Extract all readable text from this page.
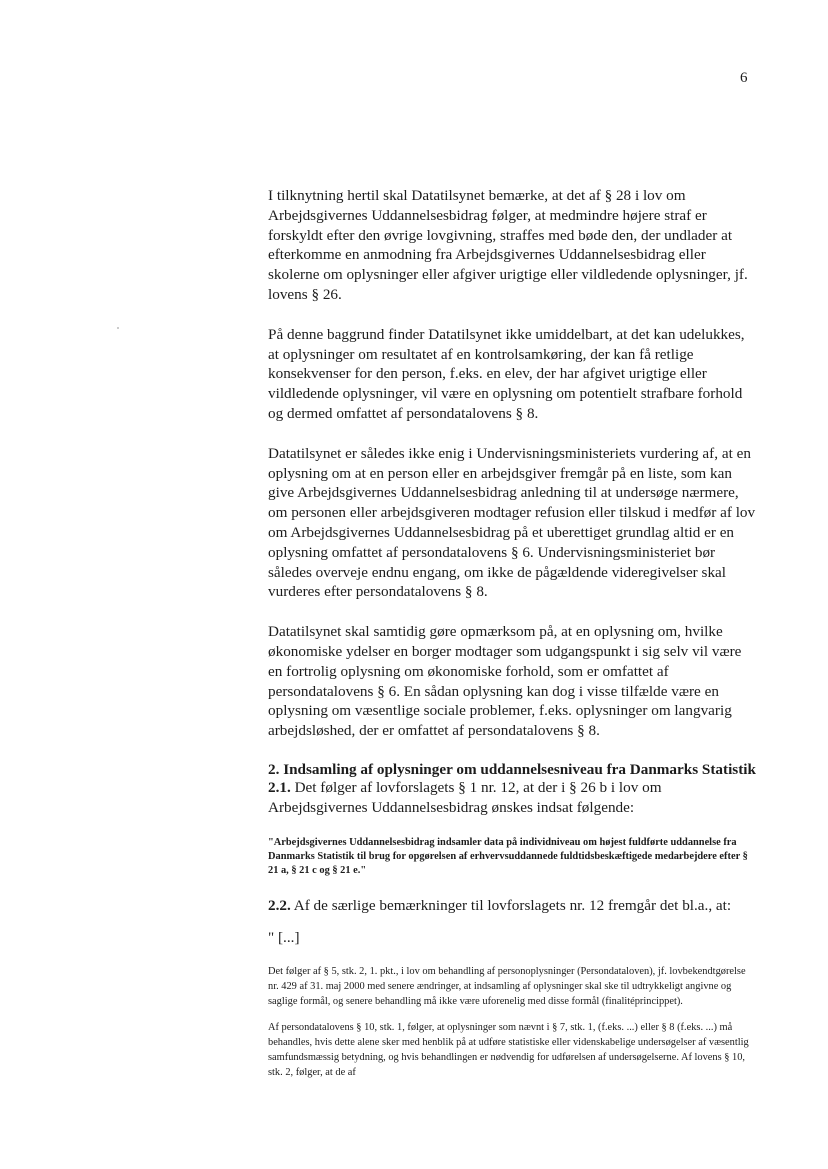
6

I tilknytning hertil skal Datatilsynet bemærke, at det af § 28 i lov om Arbejdsgivernes Uddannelsesbidrag følger, at medmindre højere straf er forskyldt efter den øvrige lovgivning, straffes med bøde den, der undlader at efterkomme en anmodning fra Arbejdsgivernes Uddannelsesbidrag eller skolerne om oplysninger eller afgiver urigtige eller vildledende oplysninger, jf. lovens § 26.

På denne baggrund finder Datatilsynet ikke umiddelbart, at det kan udelukkes, at oplysninger om resultatet af en kontrolsamkøring, der kan få retlige konsekvenser for den person, f.eks. en elev, der har afgivet urigtige eller vildledende oplysninger, vil være en oplysning om potentielt strafbare forhold og dermed omfattet af persondatalovens § 8.

Datatilsynet er således ikke enig i Undervisningsministeriets vurdering af, at en oplysning om at en person eller en arbejdsgiver fremgår på en liste, som kan give Arbejdsgivernes Uddannelsesbidrag anledning til at undersøge nærmere, om personen eller arbejdsgiveren modtager refusion eller tilskud i medfør af lov om Arbejdsgivernes Uddannelsesbidrag på et uberettiget grundlag altid er en oplysning omfattet af persondatalovens § 6. Undervisningsministeriet bør således overveje endnu engang, om ikke de pågældende videregivelser skal vurderes efter persondatalovens § 8.

Datatilsynet skal samtidig gøre opmærksom på, at en oplysning om, hvilke økonomiske ydelser en borger modtager som udgangspunkt i sig selv vil være en fortrolig oplysning om økonomiske forhold, som er omfattet af persondatalovens § 6. En sådan oplysning kan dog i visse tilfælde være en oplysning om væsentlige sociale problemer, f.eks. oplysninger om langvarig arbejdsløshed, der er omfattet af persondatalovens § 8.

2. Indsamling af oplysninger om uddannelsesniveau fra Danmarks Statistik

2.1. Det følger af lovforslagets § 1 nr. 12, at der i § 26 b i lov om Arbejdsgivernes Uddannelsesbidrag ønskes indsat følgende:

"Arbejdsgivernes Uddannelsesbidrag indsamler data på individniveau om højest fuldførte uddannelse fra Danmarks Statistik til brug for opgørelsen af erhvervsuddannede fuldtidsbeskæftigede medarbejdere efter § 21 a, § 21 c og § 21 e."

2.2. Af de særlige bemærkninger til lovforslagets nr. 12 fremgår det bl.a., at:

" [...]

Det følger af § 5, stk. 2, 1. pkt., i lov om behandling af personoplysninger (Persondataloven), jf. lovbekendtgørelse nr. 429 af 31. maj 2000 med senere ændringer, at indsamling af oplysninger skal ske til udtrykkeligt angivne og saglige formål, og senere behandling må ikke være uforenelig med disse formål (finalitéprincippet).

Af persondatalovens § 10, stk. 1, følger, at oplysninger som nævnt i § 7, stk. 1, (f.eks. ...) eller § 8 (f.eks. ...) må behandles, hvis dette alene sker med henblik på at udføre statistiske eller videnskabelige undersøgelser af væsentlig samfundsmæssig betydning, og hvis behandlingen er nødvendig for udførelsen af undersøgelserne. Af lovens § 10, stk. 2, følger, at de af
